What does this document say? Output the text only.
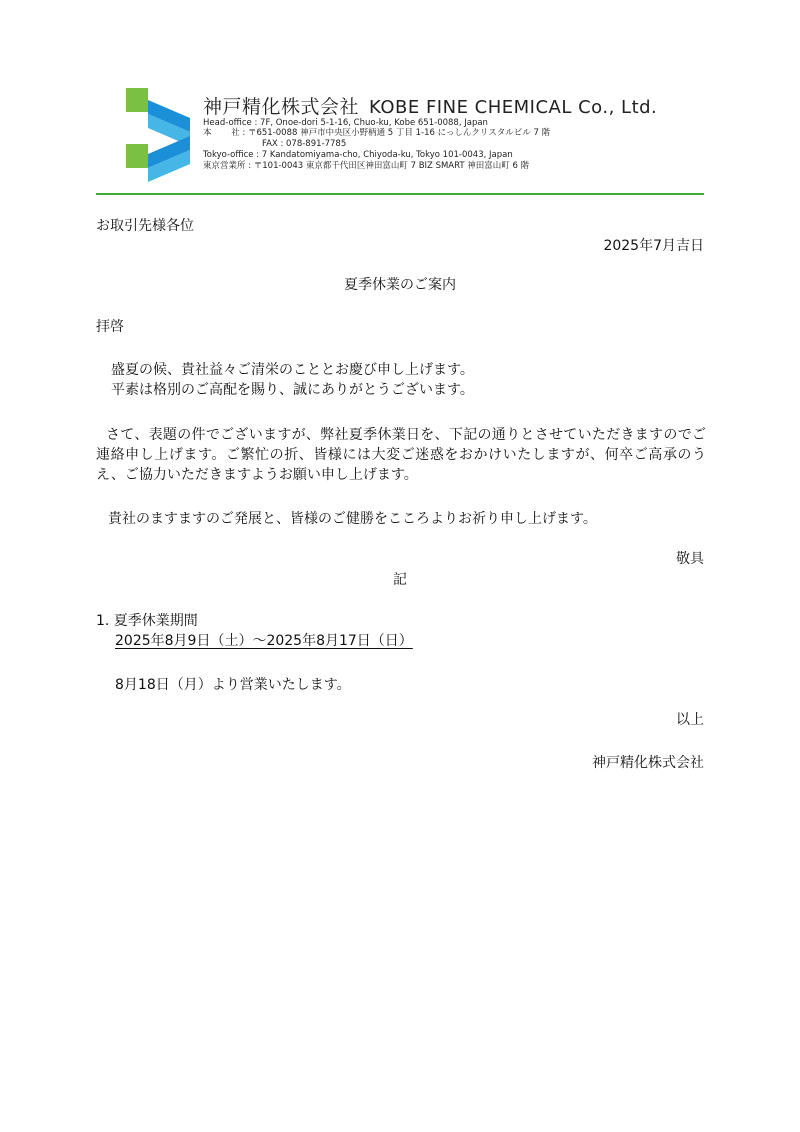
神戸精化株式会社 KOBE FINE CHEMICAL Co., Ltd.
Head-office : 7F, Onoe-dori 5-1-16, Chuo-ku, Kobe 651-0088, Japan
本　　 社 : 〒651-0088 神戸市中央区小野柄通 5 丁目 1-16 にっしんクリスタルビル 7 階
FAX : 078-891-7785
Tokyo-office : 7 Kandatomiyama-cho, Chiyoda-ku, Tokyo 101-0043, Japan
東京営業所 : 〒101-0043 東京都千代田区神田富山町 7 BIZ SMART 神田富山町 6 階
お取引先様各位
2025年7月吉日
夏季休業のご案内
拝啓
盛夏の候、貴社益々ご清栄のこととお慶び申し上げます。
平素は格別のご高配を賜り、誠にありがとうございます。
さて、表題の件でございますが、弊社夏季休業日を、下記の通りとさせていただきますのでご連絡申し上げます。ご繁忙の折、皆様には大変ご迷惑をおかけいたしますが、何卒ご高承のうえ、ご協力いただきますようお願い申し上げます。
貴社のますますのご発展と、皆様のご健勝をこころよりお祈り申し上げます。
敬具
記
1. 夏季休業期間
2025年8月9日（土）～2025年8月17日（日）
8月18日（月）より営業いたします。
以上
神戸精化株式会社
